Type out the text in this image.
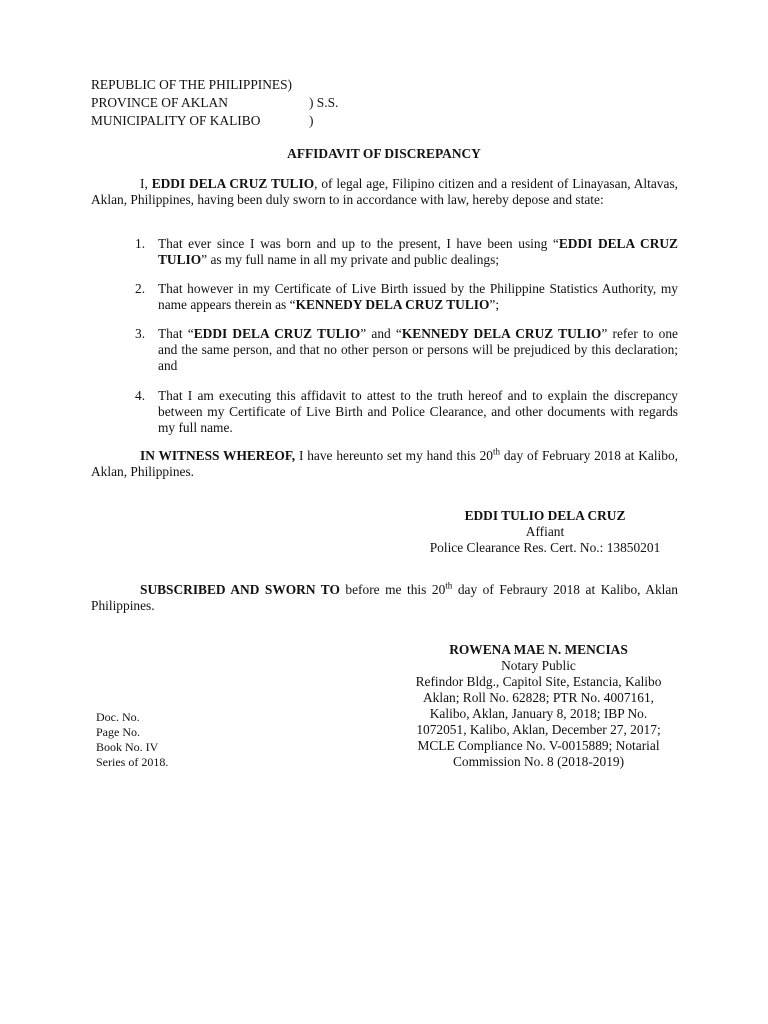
REPUBLIC OF THE PHILIPPINES)
PROVINCE OF AKLAN	) S.S.
MUNICIPALITY OF KALIBO	)
AFFIDAVIT OF DISCREPANCY

I, EDDI DELA CRUZ TULIO, of legal age, Filipino citizen and a resident of Linayasan, Altavas, Aklan, Philippines, having been duly sworn to in accordance with law, hereby depose and state:

1. That ever since I was born and up to the present, I have been using “EDDI DELA CRUZ TULIO” as my full name in all my private and public dealings;

2. That however in my Certificate of Live Birth issued by the Philippine Statistics Authority, my name appears therein as “KENNEDY DELA CRUZ TULIO”;

3. That “EDDI DELA CRUZ TULIO” and “KENNEDY DELA CRUZ TULIO” refer to one and the same person, and that no other person or persons will be prejudiced by this declaration; and

4. That I am executing this affidavit to attest to the truth hereof and to explain the discrepancy between my Certificate of Live Birth and Police Clearance, and other documents with regards my full name.

IN WITNESS WHEREOF, I have hereunto set my hand this 20th day of February 2018 at Kalibo, Aklan, Philippines.

EDDI TULIO DELA CRUZ
Affiant
Police Clearance Res. Cert. No.: 13850201

SUBSCRIBED AND SWORN TO before me this 20th day of Febraury 2018 at Kalibo, Aklan Philippines.

ROWENA MAE N. MENCIAS
Notary Public
Refindor Bldg., Capitol Site, Estancia, Kalibo
Aklan; Roll No. 62828; PTR No. 4007161,
Kalibo, Aklan, January 8, 2018; IBP No.
1072051, Kalibo, Aklan, December 27, 2017;
MCLE Compliance No. V-0015889; Notarial
Commission No. 8 (2018-2019)
Doc. No.
Page No.
Book No. IV
Series of 2018.
